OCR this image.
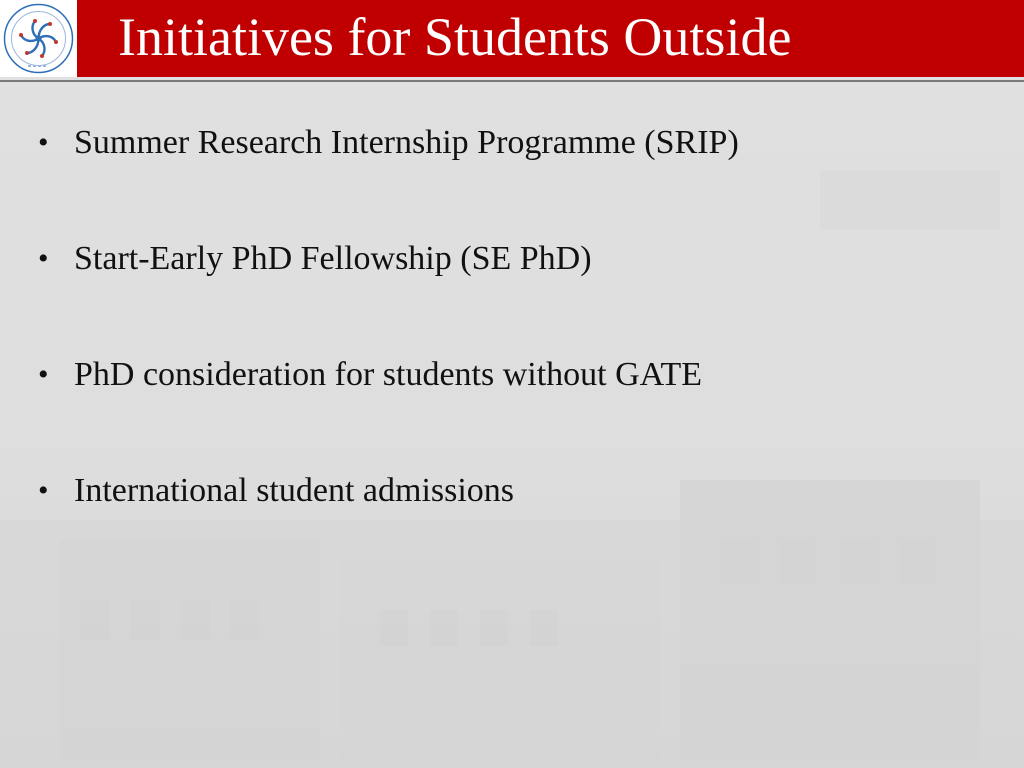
Initiatives for Students Outside
• Summer Research Internship Programme (SRIP)
• Start-Early PhD Fellowship (SE PhD)
• PhD consideration for students without GATE
• International student admissions
